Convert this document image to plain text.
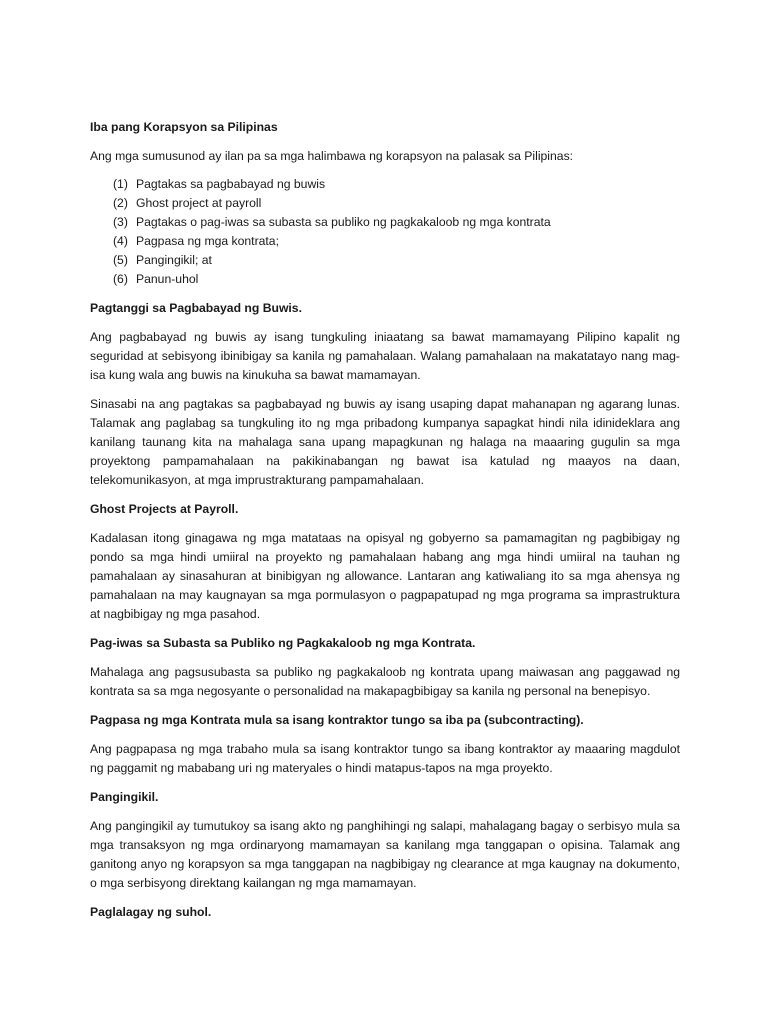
Iba pang Korapsyon sa Pilipinas
Ang mga sumusunod ay ilan pa sa mga halimbawa ng korapsyon na palasak sa Pilipinas:
(1) Pagtakas sa pagbabayad ng buwis
(2) Ghost project at payroll
(3) Pagtakas o pag-iwas sa subasta sa publiko ng pagkakaloob ng mga kontrata
(4) Pagpasa ng mga kontrata;
(5) Pangingikil; at
(6) Panun-uhol
Pagtanggi sa Pagbabayad ng Buwis.
Ang pagbabayad ng buwis ay isang tungkuling iniaatang sa bawat mamamayang Pilipino kapalit ng seguridad at sebisyong ibinibigay sa kanila ng pamahalaan. Walang pamahalaan na makatatayo nang mag-isa kung wala ang buwis na kinukuha sa bawat mamamayan.
Sinasabi na ang pagtakas sa pagbabayad ng buwis ay isang usaping dapat mahanapan ng agarang lunas. Talamak ang paglabag sa tungkuling ito ng mga pribadong kumpanya sapagkat hindi nila idinideklara ang kanilang taunang kita na mahalaga sana upang mapagkunan ng halaga na maaaring gugulin sa mga proyektong pampamahalaan na pakikinabangan ng bawat isa katulad ng maayos na daan, telekomunikasyon, at mga imprustrakturang pampamahalaan.
Ghost Projects at Payroll.
Kadalasan itong ginagawa ng mga matataas na opisyal ng gobyerno sa pamamagitan ng pagbibigay ng pondo sa mga hindi umiiral na proyekto ng pamahalaan habang ang mga hindi umiiral na tauhan ng pamahalaan ay sinasahuran at binibigyan ng allowance. Lantaran ang katiwaliang ito sa mga ahensya ng pamahalaan na may kaugnayan sa mga pormulasyon o pagpapatupad ng mga programa sa imprastruktura at nagbibigay ng mga pasahod.
Pag-iwas sa Subasta sa Publiko ng Pagkakaloob ng mga Kontrata.
Mahalaga ang pagsusubasta sa publiko ng pagkakaloob ng kontrata upang maiwasan ang paggawad ng kontrata sa sa mga negosyante o personalidad na makapagbibigay sa kanila ng personal na benepisyo.
Pagpasa ng mga Kontrata mula sa isang kontraktor tungo sa iba pa (subcontracting).
Ang pagpapasa ng mga trabaho mula sa isang kontraktor tungo sa ibang kontraktor ay maaaring magdulot ng paggamit ng mababang uri ng materyales o hindi matapus-tapos na mga proyekto.
Pangingikil.
Ang pangingikil ay tumutukoy sa isang akto ng panghihingi ng salapi, mahalagang bagay o serbisyo mula sa mga transaksyon ng mga ordinaryong mamamayan sa kanilang mga tanggapan o opisina. Talamak ang ganitong anyo ng korapsyon sa mga tanggapan na nagbibigay ng clearance at mga kaugnay na dokumento, o mga serbisyong direktang kailangan ng mga mamamayan.
Paglalagay ng suhol.
